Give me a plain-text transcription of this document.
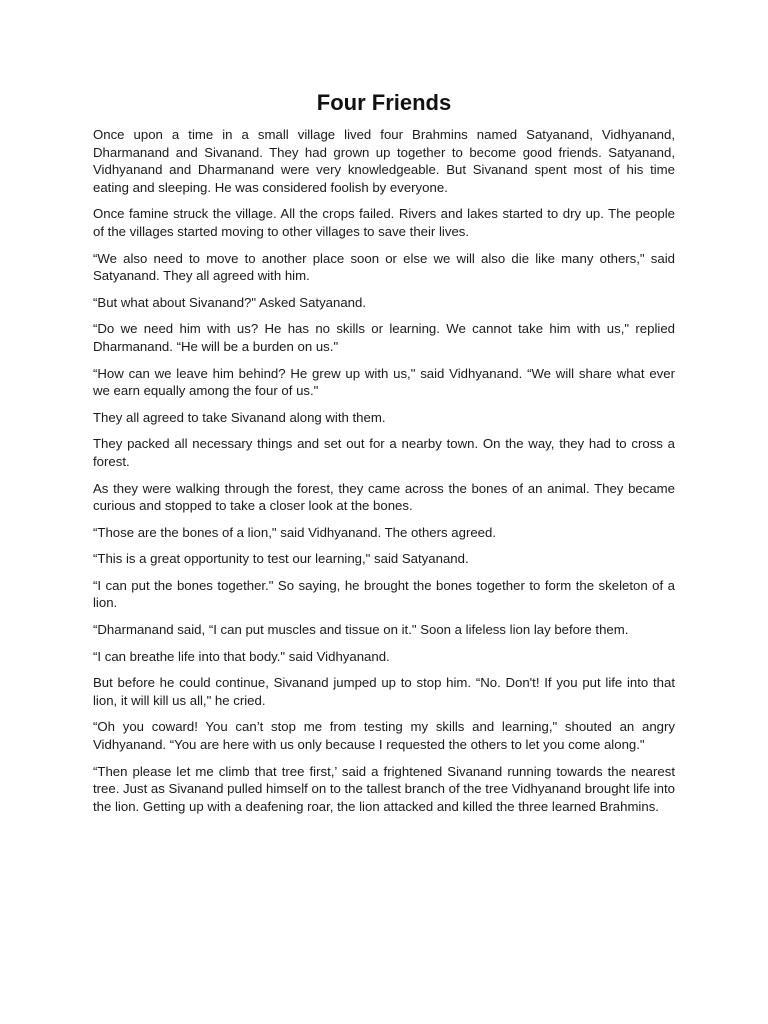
Four Friends

Once upon a time in a small village lived four Brahmins named Satyanand, Vidhyanand, Dharmanand and Sivanand. They had grown up together to become good friends. Satyanand, Vidhyanand and Dharmanand were very knowledgeable. But Sivanand spent most of his time eating and sleeping. He was considered foolish by everyone.

Once famine struck the village. All the crops failed. Rivers and lakes started to dry up. The people of the villages started moving to other villages to save their lives.

“We also need to move to another place soon or else we will also die like many others," said Satyanand. They all agreed with him.

“But what about Sivanand?" Asked Satyanand.

“Do we need him with us? He has no skills or learning. We cannot take him with us," replied Dharmanand. “He will be a burden on us."

“How can we leave him behind? He grew up with us," said Vidhyanand. “We will share what ever we earn equally among the four of us."

They all agreed to take Sivanand along with them.

They packed all necessary things and set out for a nearby town. On the way, they had to cross a forest.

As they were walking through the forest, they came across the bones of an animal. They became curious and stopped to take a closer look at the bones.

“Those are the bones of a lion," said Vidhyanand. The others agreed.

“This is a great opportunity to test our learning," said Satyanand.

“I can put the bones together." So saying, he brought the bones together to form the skeleton of a lion.

“Dharmanand said, “I can put muscles and tissue on it." Soon a lifeless lion lay before them.

“I can breathe life into that body." said Vidhyanand.

But before he could continue, Sivanand jumped up to stop him. “No. Don't! If you put life into that lion, it will kill us all," he cried.

“Oh you coward! You can’t stop me from testing my skills and learning," shouted an angry Vidhyanand. “You are here with us only because I requested the others to let you come along."

“Then please let me climb that tree first,’ said a frightened Sivanand running towards the nearest tree. Just as Sivanand pulled himself on to the tallest branch of the tree Vidhyanand brought life into the lion. Getting up with a deafening roar, the lion attacked and killed the three learned Brahmins.
